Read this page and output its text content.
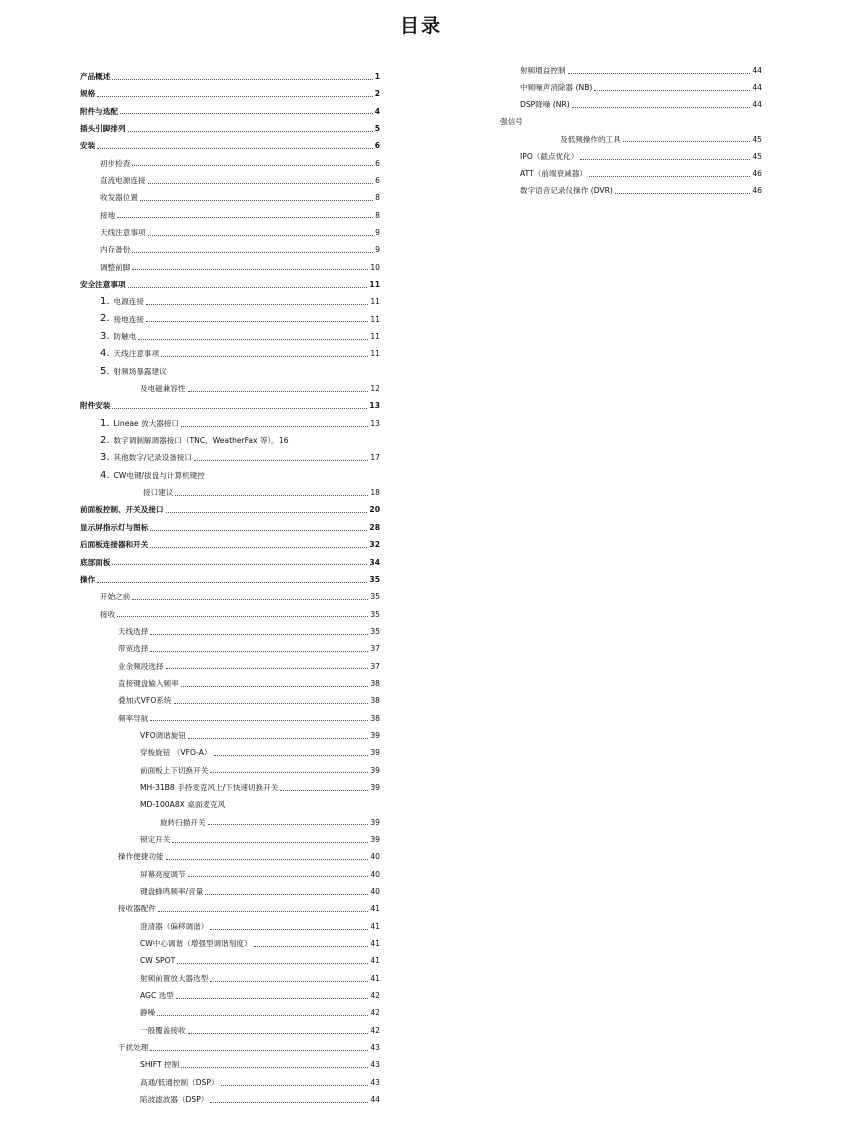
目录
产品概述	1
规格	2
附件与选配	4
插头引脚排列	5
安装	6
初步检查	6
直流电源连接	6
收发器位置	8
接地	8
天线注意事项	9
内存备份	9
调整前脚	10
安全注意事项	11
1. 电源连接	11
2. 接地连接	11
3. 防触电	11
4. 天线注意事项	11
5. 射频场暴露建议
及电磁兼容性	12
附件安装	13
1. Lineae 放大器接口	13
2. 数字调制解调器接口（TNC、WeatherFax 等）。16
3. 其他数字/记录设备接口	17
4. CW电键/拔盘与计算机键控
接口建议	18
前面板控制、开关及接口	20
显示屏指示灯与图标	28
后面板连接器和开关	32
底部面板	34
操作	35
开始之前	35
接收	35
天线选择	35
带宽选择	37
业余频段选择	37
直接键盘输入频率	38
叠加式VFO系统	38
频率导航	38
VFO调谐旋钮	39
穿梭旋钮 （VFO-A）	39
前面板上下切换开关	39
MH-31B8 手持麦克风上/下快速切换开关	39
MD-100A8X 桌面麦克风
旋转扫描开关	39
锁定开关	39
操作便捷功能	40
屏幕亮度调节	40
键盘蜂鸣频率/音量	40
接收器配件	41
澄清器（偏移调谐）	41
CW中心调谐（增强型调谐刻度）	41
CW SPOT	41
射频前置放大器选型	41
AGC 选型	42
静噪	42
一般覆盖接收	42
干扰处理	43
SHIFT 控制	43
高通/低通控制（DSP）	43
陷波滤波器（DSP）	44
射频增益控制	44
中频噪声消除器 (NB)	44
DSP降噪 (NR)	44
强信号
及低频操作的工具	45
IPO（截点优化）	45
ATT（前端衰减器）	46
数字语音记录仪操作 (DVR)	46
